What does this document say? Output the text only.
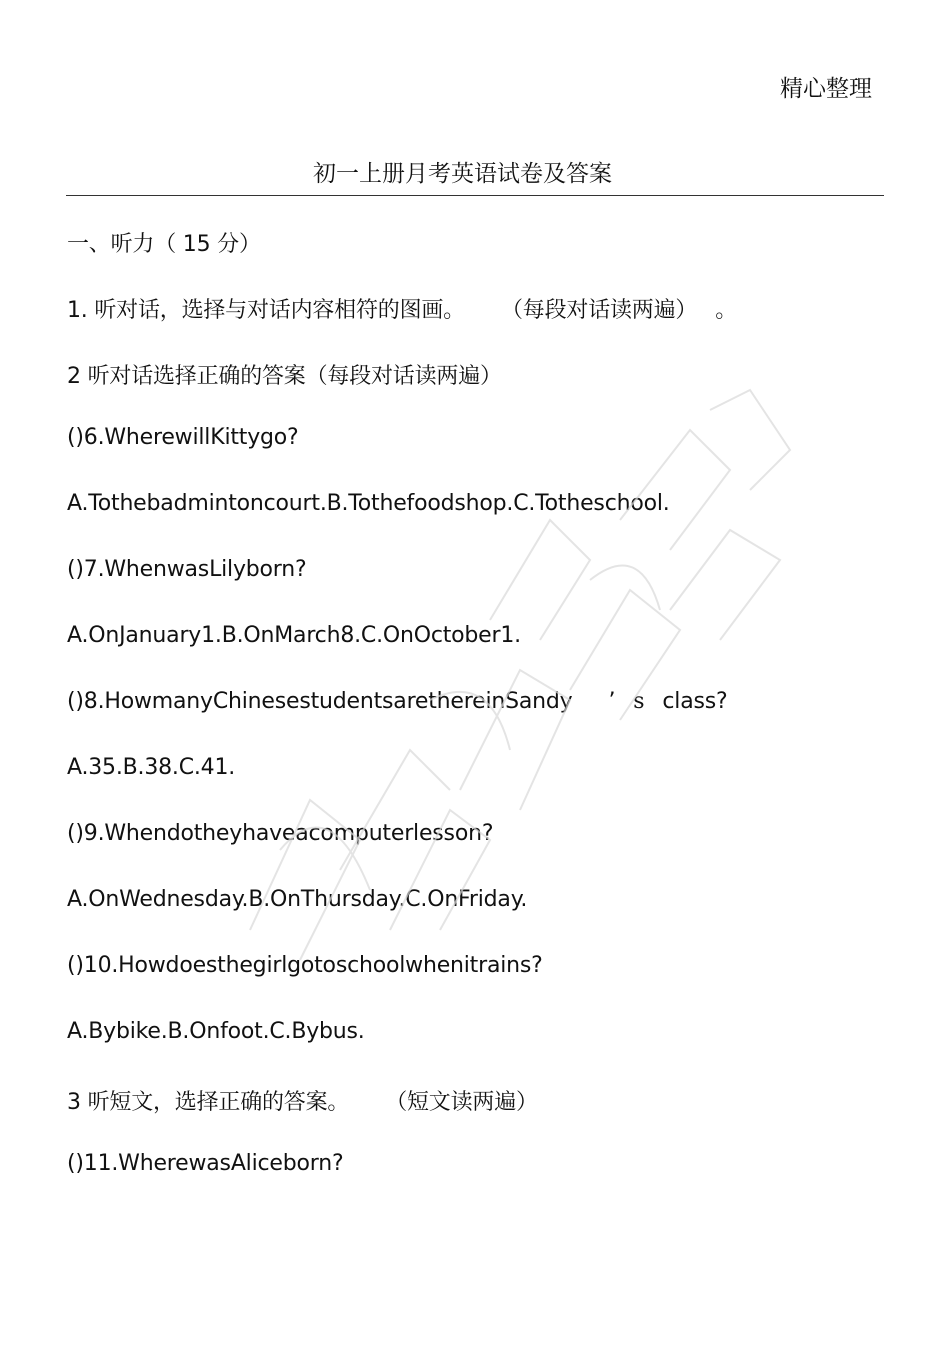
精心整理
初一上册月考英语试卷及答案
一、听力（ 15 分）
1. 听对话，选择与对话内容相符的图画。 （每段对话读两遍） 。
2 听对话选择正确的答案（每段对话读两遍）
()6.WherewillKittygo?
A.Tothebadmintoncourt.B.Tothefoodshop.C.Totheschool.
()7.WhenwasLilyborn?
A.OnJanuary1.B.OnMarch8.C.OnOctober1.
()8.HowmanyChinesestudentsarethereinSandy ’ s class?
A.35.B.38.C.41.
()9.Whendotheyhaveacomputerlesson?
A.OnWednesday.B.OnThursday.C.OnFriday.
()10.Howdoesthegirlgotoschoolwhenitrains?
A.Bybike.B.Onfoot.C.Bybus.
3 听短文，选择正确的答案。 （短文读两遍）
()11.WherewasAliceborn?
